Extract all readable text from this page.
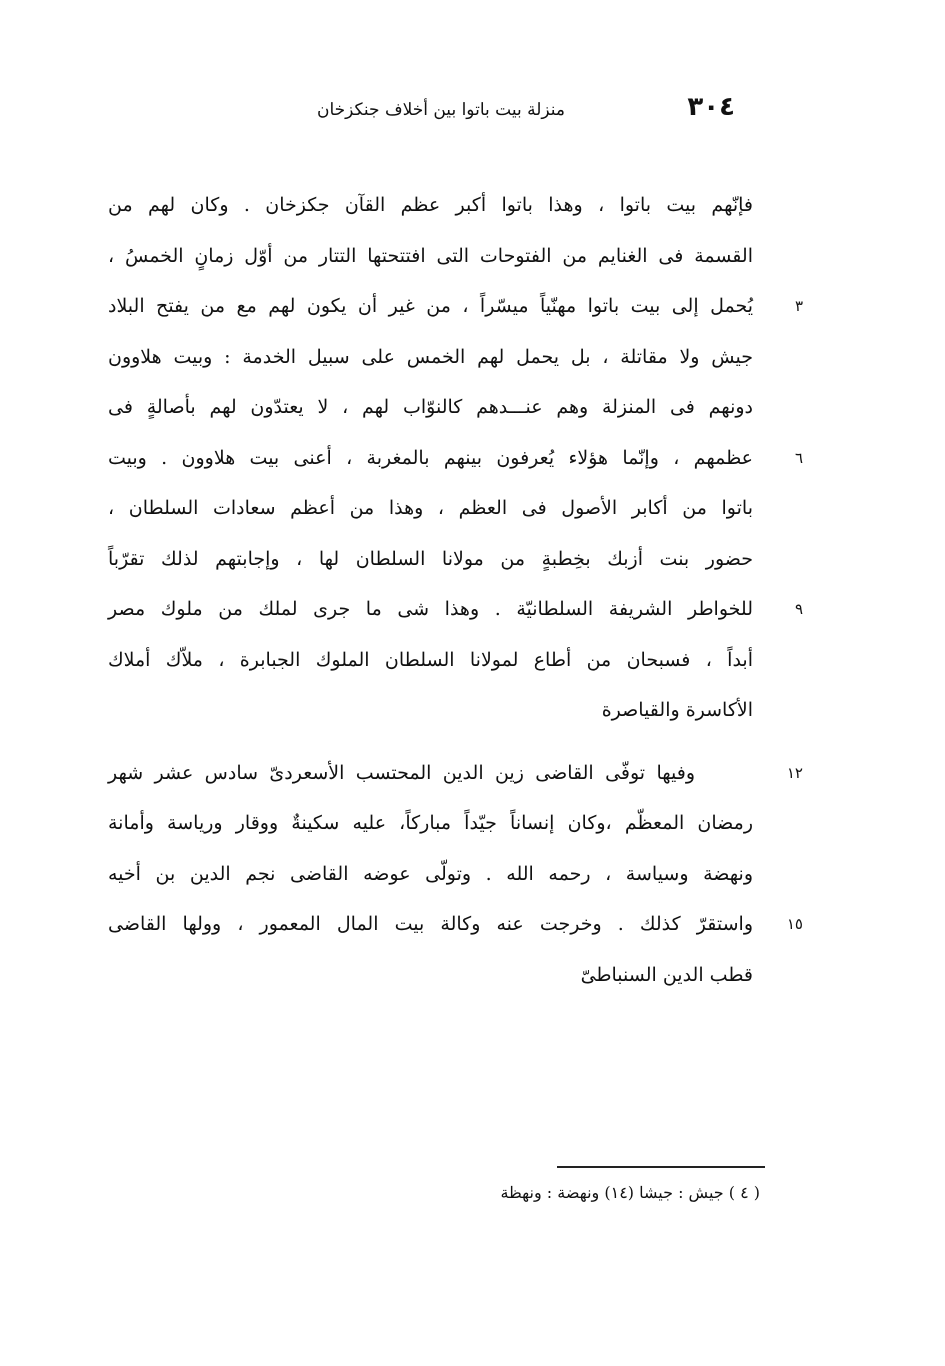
٣٠٤
منزلة بيت باتوا بين أخلاف جنكزخان
فإنّهم بيت باتوا ، وهذا باتوا أكبر عظم القآن جكزخان . وكان لهم من
القسمة فى الغنايم من الفتوحات التى افتتحتها التتار من أوّل زمانٍ الخمسُ ،
يُحمل إلى بيت باتوا مهنّياً ميسّراً ، من غير أن يكون لهم مع من يفتح البلاد	٣
جيش ولا مقاتلة ، بل يحمل لهم الخمس على سبيل الخدمة : وبيت هلاوون
دونهم فى المنزلة وهم عنـــدهم كالنوّاب لهم ، لا يعتدّون لهم بأصالةٍ فى
عظمهم ، وإنّما هؤلاء يُعرفون بينهم بالمغربة ، أعنى بيت هلاوون . وبيت	٦
باتوا من أكابر الأصول فى العظم ، وهذا من أعظم سعادات السلطان ،
حضور بنت أزبك بخِطبةٍ من مولانا السلطان لها ، وإجابتهم لذلك تقرّباً
للخواطر الشريفة السلطانيّة . وهذا شى ما جرى لملك من ملوك مصر	٩
أبداً ، فسبحان من أطاع لمولانا السلطان الملوك الجبابرة ، ملاّك أملاك
الأكاسرة والقياصرة
وفيها توفّى القاضى زين الدين المحتسب الأسعردىّ سادس عشر شهر	١٢
رمضان المعظّم ،وكان إنساناً جيّداً مباركاً، عليه سكينةٌ ووقار ورياسة وأمانة
ونهضة وسياسة ، رحمه الله . وتولّى عوضه القاضى نجم الدين بن أخيه
واستقرّ كذلك . وخرجت عنه وكالة بيت المال المعمور ، وولها القاضى	١٥
قطب الدين السنباطىّ
( ٤ ) جيش : جيشا (١٤) ونهضة : ونهظة
